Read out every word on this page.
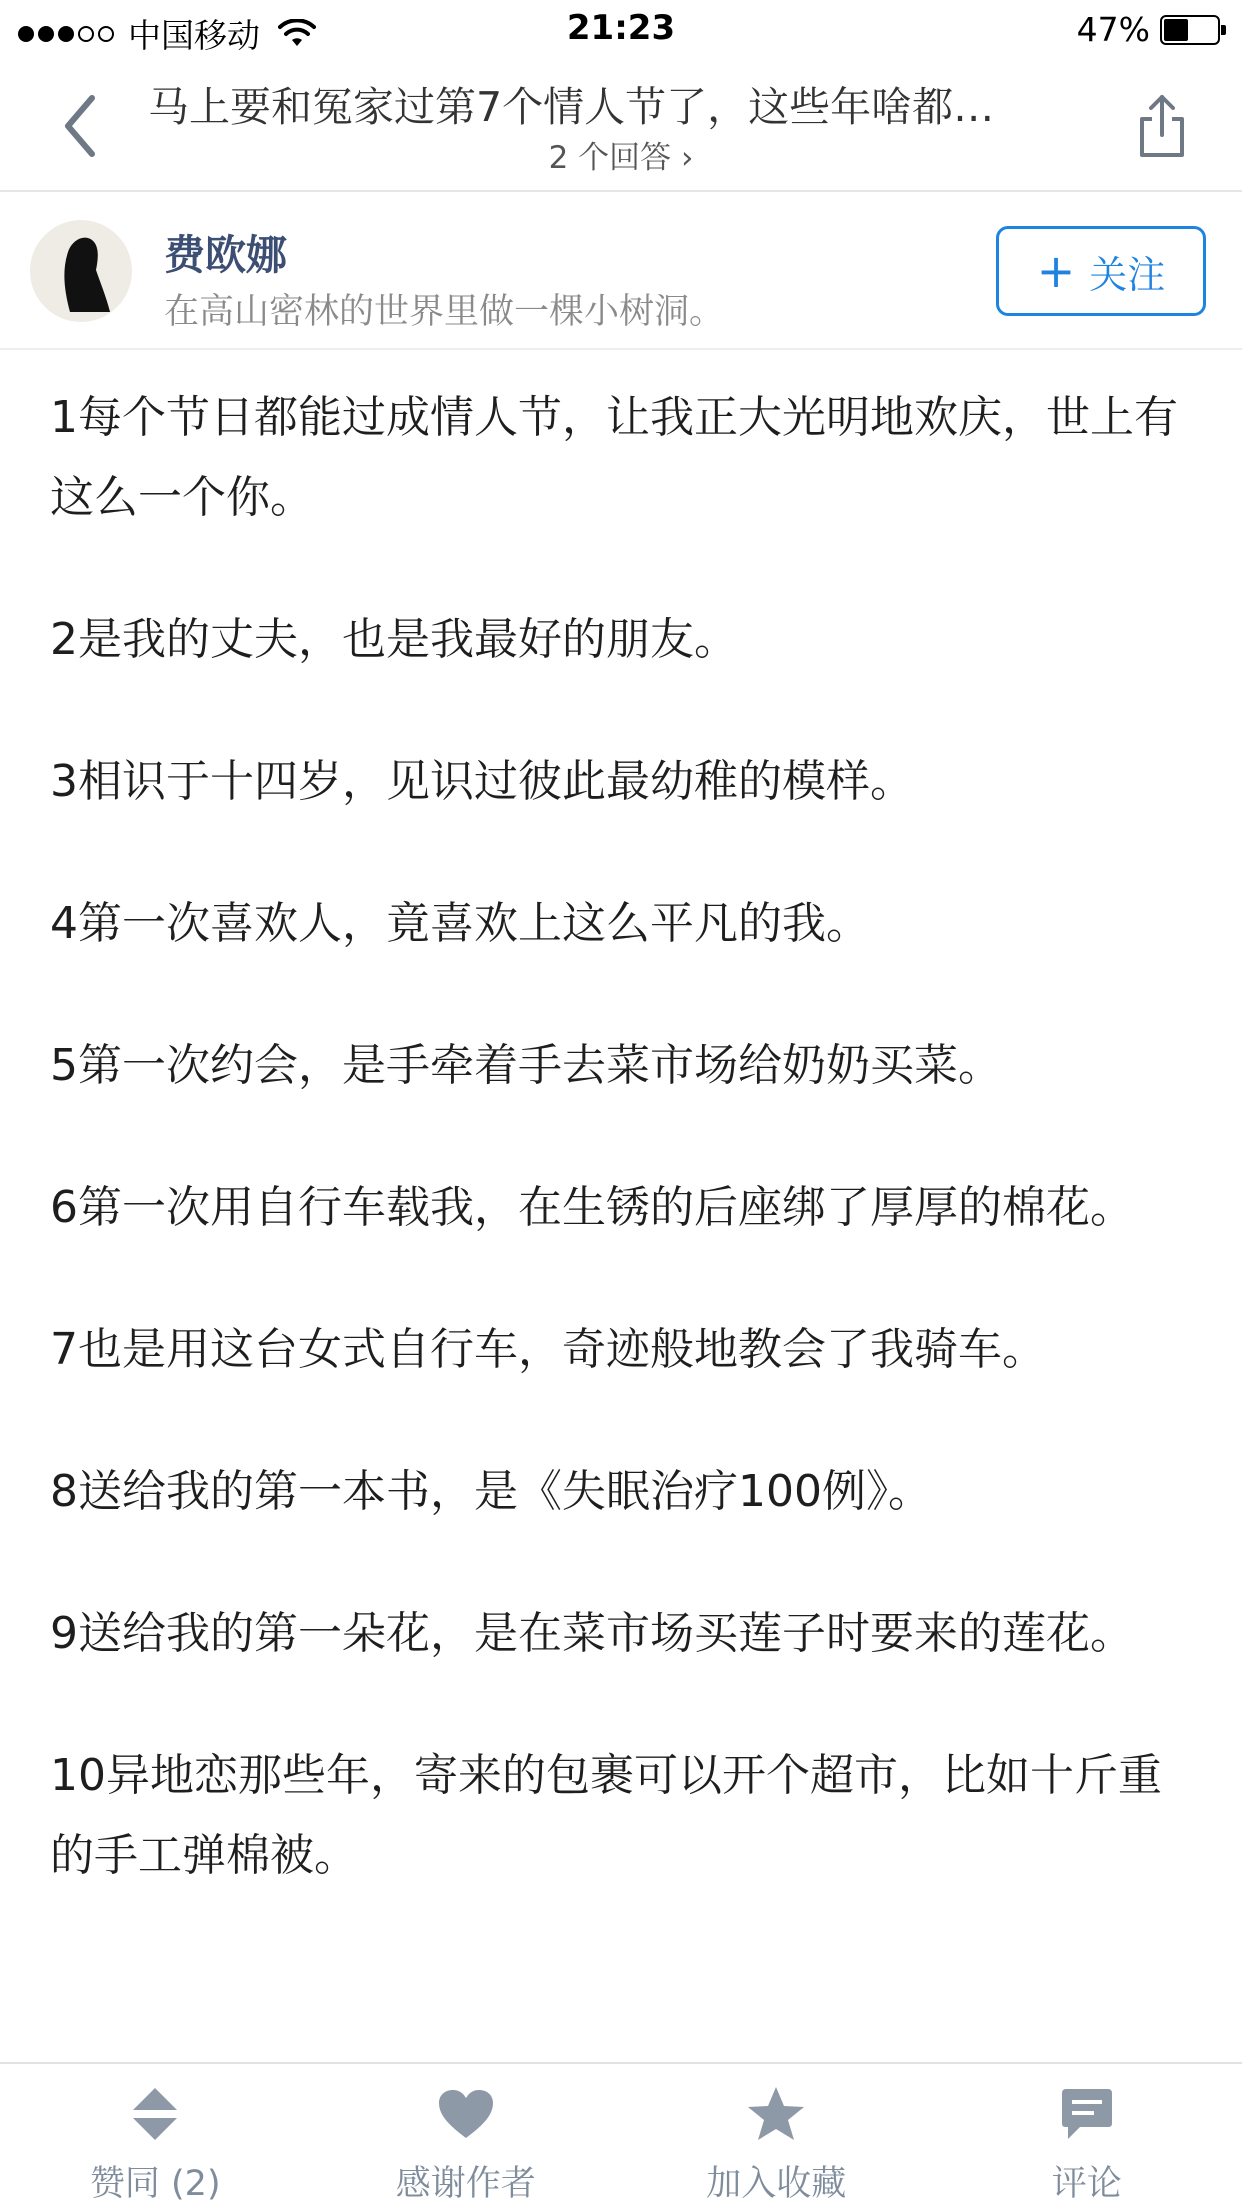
中国移动	21:23	47%
马上要和冤家过第7个情人节了，这些年啥都…
2 个回答 ›
费欧娜
在高山密林的世界里做一棵小树洞。
+ 关注

1每个节日都能过成情人节，让我正大光明地欢庆，世上有这么一个你。

2是我的丈夫，也是我最好的朋友。

3相识于十四岁，见识过彼此最幼稚的模样。

4第一次喜欢人，竟喜欢上这么平凡的我。

5第一次约会，是手牵着手去菜市场给奶奶买菜。

6第一次用自行车载我，在生锈的后座绑了厚厚的棉花。

7也是用这台女式自行车，奇迹般地教会了我骑车。

8送给我的第一本书，是《失眠治疗100例》。

9送给我的第一朵花，是在菜市场买莲子时要来的莲花。

10异地恋那些年，寄来的包裹可以开个超市，比如十斤重的手工弹棉被。

赞同 (2)	感谢作者	加入收藏	评论
